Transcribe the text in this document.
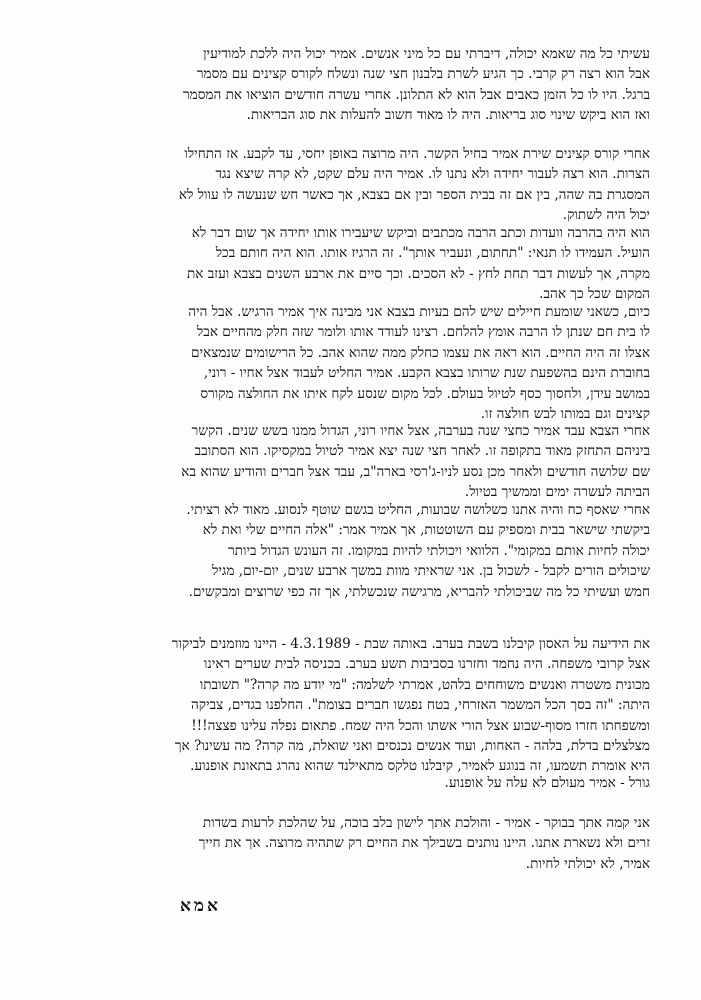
עשיתי כל מה שאמא יכולה, דיברתי עם כל מיני אנשים. אמיר יכול היה ללכת למודיעין
אבל הוא רצה רק קרבי. כך הגיע לשרת בלבנון חצי שנה ונשלח לקורס קצינים עם מסמר
ברגל. היו לו כל הזמן כאבים אבל הוא לא התלונן. אחרי עשרה חודשים הוציאו את המסמר
ואז הוא ביקש שינוי סוג בריאות. היה לו מאוד חשוב להעלות את סוג הבריאות.
אחרי קורס קצינים שירת אמיר בחיל הקשר. היה מרוצה באופן יחסי, עד לקבע. אז התחילו
הצרות. הוא רצה לעבור יחידה ולא נתנו לו. אמיר היה עלם שקט, לא קרה שיצא נגד
המסגרת בה שהה, בין אם זה בבית הספר ובין אם בצבא, אך כאשר חש שנעשה לו עוול לא
יכול היה לשתוק.
הוא היה בהרבה וועדות וכתב הרבה מכתבים וביקש שיעבירו אותו יחידה אך שום דבר לא
הועיל. העמידו לו תנאי: "תחתום, ונעביר אותך". זה הרגיז אותו. הוא היה חותם בכל
מקרה, אך לעשות דבר תחת לחץ - לא הסכים. וכך סיים את ארבע השנים בצבא ועזב את
המקום שכל כך אהב.
כיום, כשאני שומעת חיילים שיש להם בעיות בצבא אני מבינה איך אמיר הרגיש. אבל היה
לו בית חם שנתן לו הרבה אומץ להלחם. רצינו לעודד אותו ולומר שזה חלק מהחיים אבל
אצלו זה היה החיים. הוא ראה את עצמו כחלק ממה שהוא אהב. כל הרישומים שנמצאים
בחוברת הינם בהשפעת שנת שרותו בצבא הקבע. אמיר החליט לעבוד אצל אחיו - רוני,
במושב עידן, ולחסוך כסף לטיול בעולם. לכל מקום שנסע לקח איתו את החולצה מקורס
קצינים וגם במותו לבש חולצה זו.
אחרי הצבא עבד אמיר כחצי שנה בערבה, אצל אחיו רוני, הגדול ממנו בשש שנים. הקשר
ביניהם התחזק מאוד בתקופה זו. לאחר חצי שנה יצא אמיר לטיול במקסיקו. הוא הסתובב
שם שלושה חודשים ולאחר מכן נסע לניו-ג'רסי בארה"ב, עבד אצל חברים והודיע שהוא בא
הביתה לעשרה ימים וממשיך בטיול.
אחרי שאסף כח והיה אתנו כשלושה שבועות, החליט בגשם שוטף לנסוע. מאוד לא רציתי.
ביקשתי שישאר בבית ומספיק עם השוטטות, אך אמיר אמר: "אלה החיים שלי ואת לא
יכולה לחיות אותם במקומי". הלוואי ויכולתי להיות במקומו. זה העונש הגדול ביותר
שיכולים הורים לקבל - לשכול בן. אני שראיתי מוות במשך ארבע שנים, יום-יום, מגיל
חמש ועשיתי כל מה שביכולתי להבריא, מרגישה שנכשלתי, אך זה כפי שרוצים ומבקשים.
את הידיעה על האסון קיבלנו בשבת בערב. באותה שבת - 4.3.1989 - היינו מוזמנים לביקור
אצל קרובי משפחה. היה נחמד וחזרנו בסביבות תשע בערב. בכניסה לבית שערים ראינו
מכונית משטרה ואנשים משוחחים בלהט, אמרתי לשלמה: "מי יודע מה קרה?" תשובתו
היתה: "זה בסך הכל המשמר האזרחי, בטח נפגשו חברים בצומת". החלפנו בגדים, צביקה
ומשפחתו חזרו מסוף-שבוע אצל הורי אשתו והכל היה שמח. פתאום נפלה עלינו פצצה!!!
מצלצלים בדלת, בלהה - האחות, ועוד אנשים נכנסים ואני שואלת, מה קרה? מה עשינו? אך
היא אומרת תשמעו, זה בנוגע לאמיר, קיבלנו טלקס מתאילנד שהוא נהרג בתאונת אופנוע.
גורל - אמיר מעולם לא עלה על אופנוע.
אני קמה אתך בבוקר - אמיר - והולכת אתך לישון בלב בוכה, על שהלכת לרעות בשדות
זרים ולא נשארת אתנו. היינו נותנים בשבילך את החיים רק שתהיה מרוצה. אך את חייך
אמיר, לא יכולתי לחיות.
אמא
